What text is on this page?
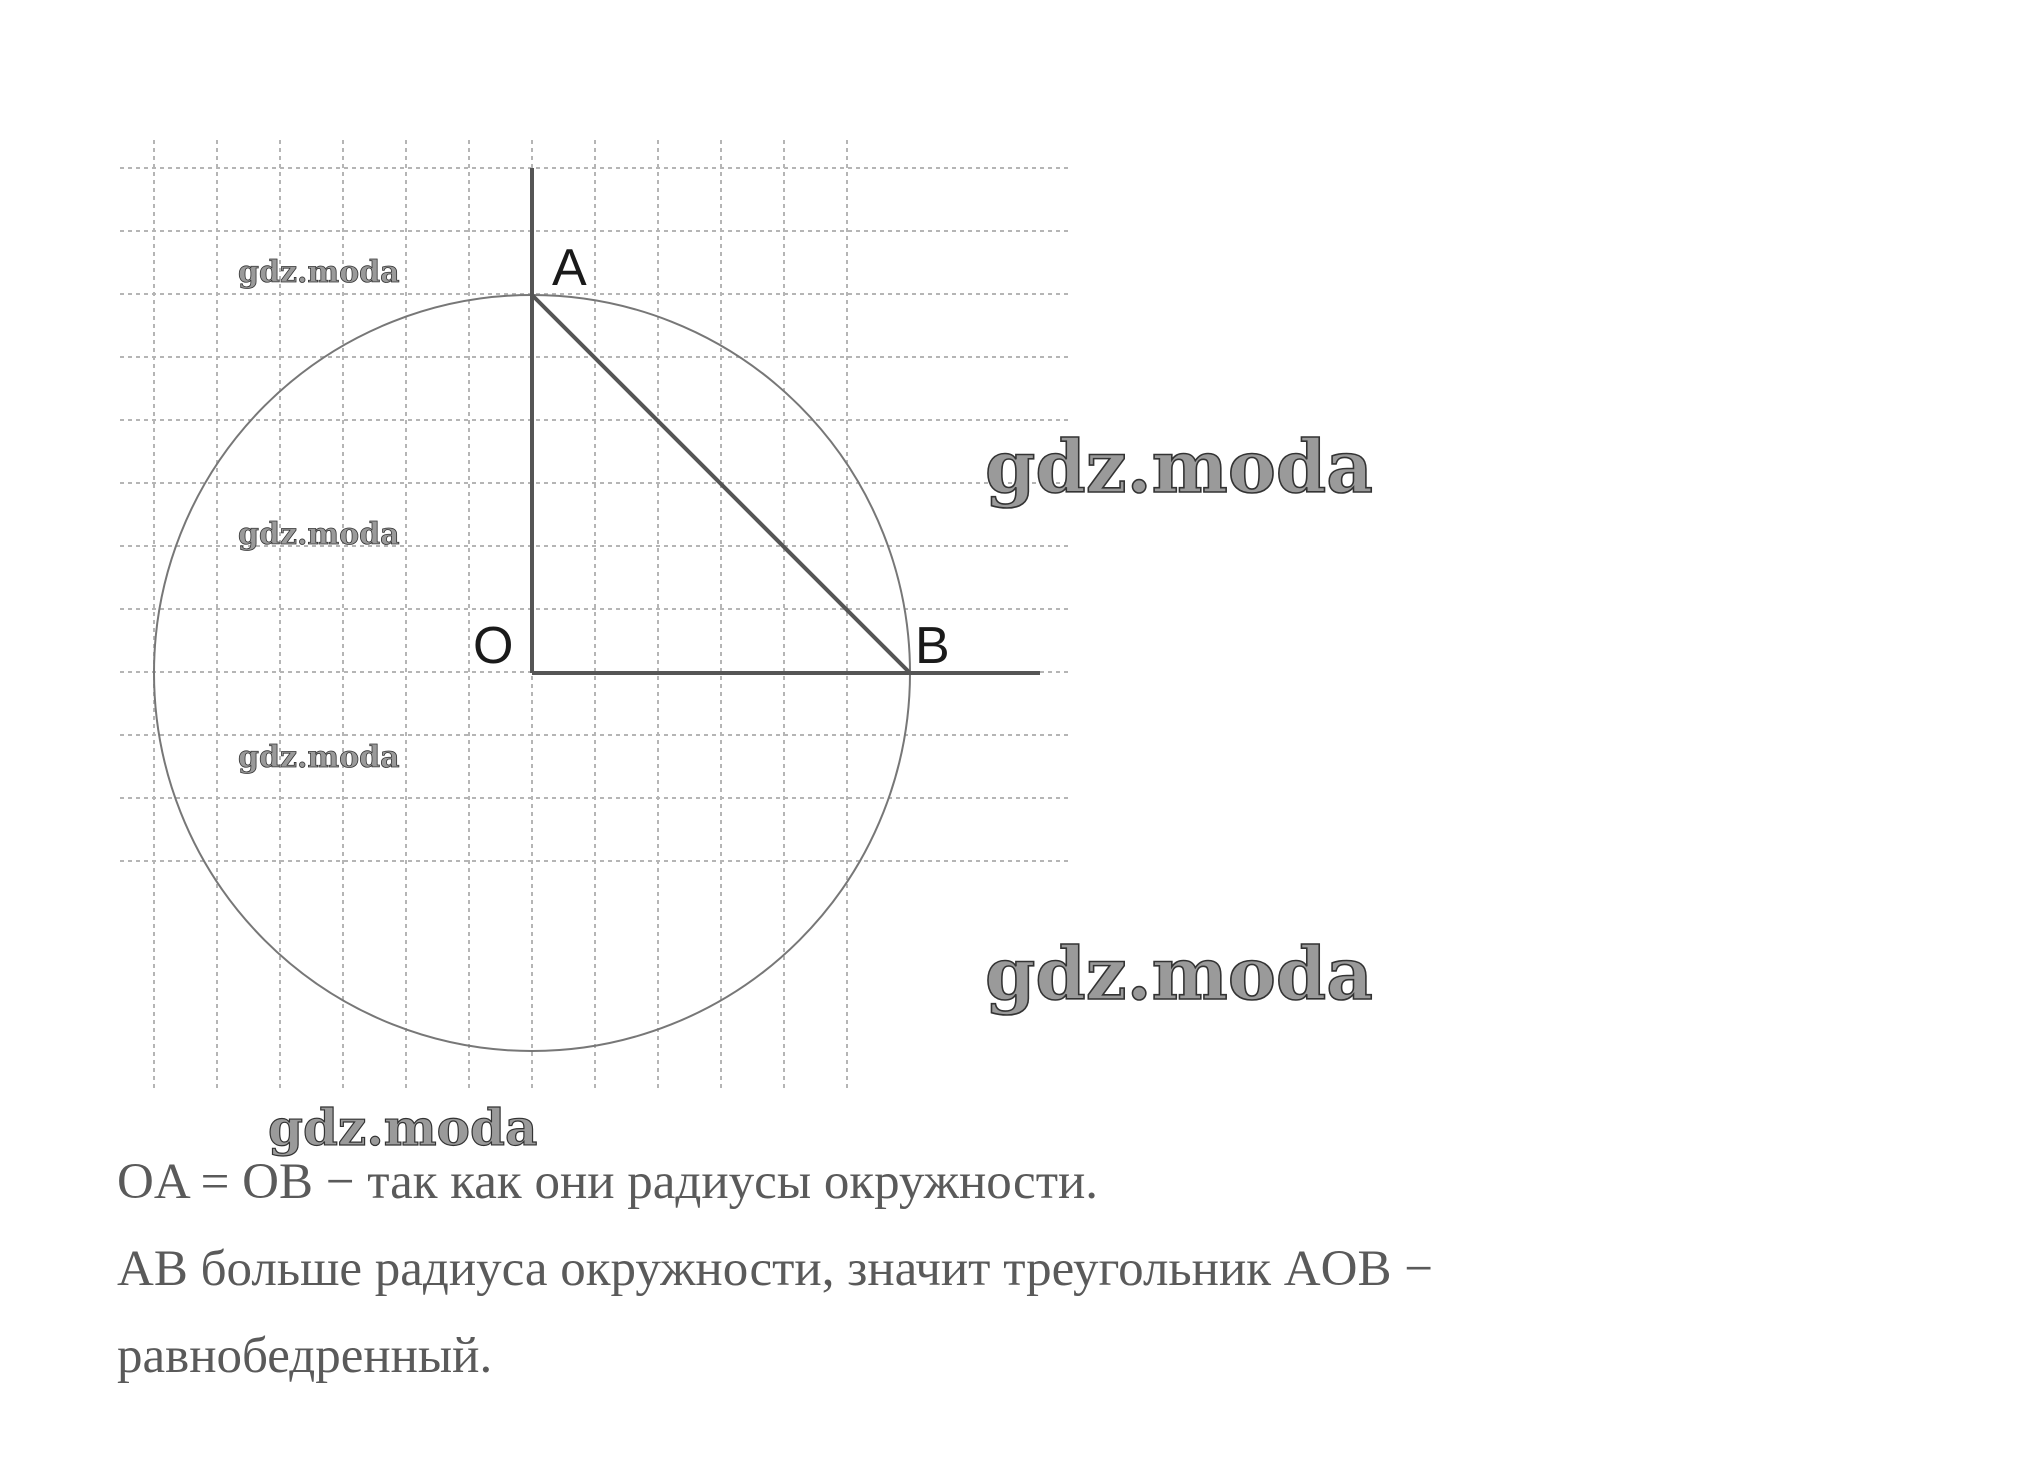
A
O	B
gdz.moda
gdz.moda
gdz.moda
gdz.moda
gdz.moda
gdz.moda
OA = OB − так как они радиусы окружности.
AB больше радиуса окружности, значит треугольник AOB −
равнобедренный.
